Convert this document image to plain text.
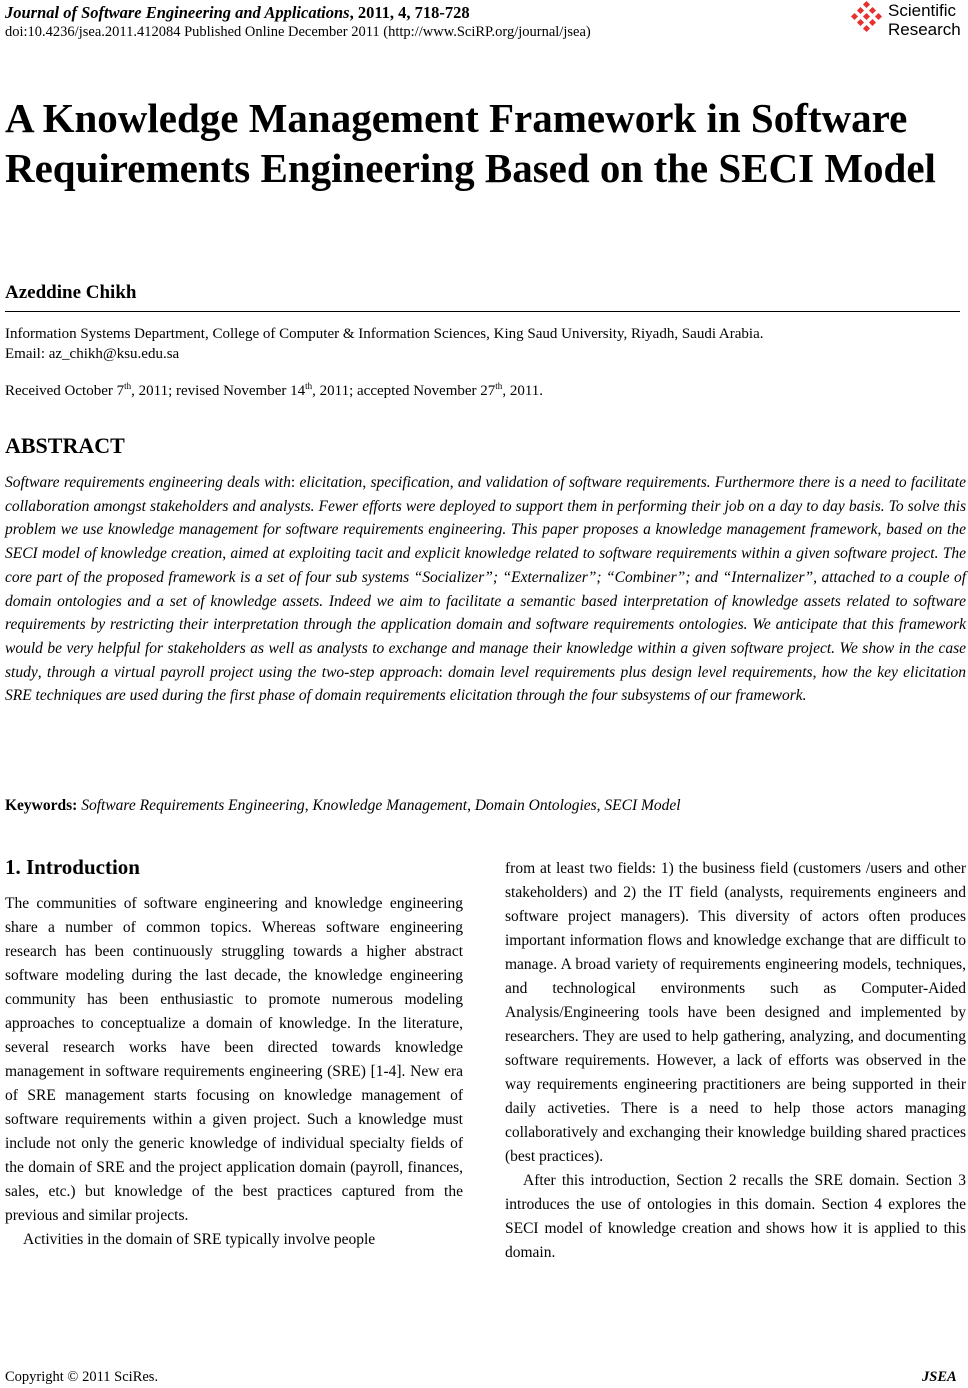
Journal of Software Engineering and Applications, 2011, 4, 718-728
doi:10.4236/jsea.2011.412084 Published Online December 2011 (http://www.SciRP.org/journal/jsea)
Scientific
Research
A Knowledge Management Framework in Software Requirements Engineering Based on the SECI Model
Azeddine Chikh
Information Systems Department, College of Computer & Information Sciences, King Saud University, Riyadh, Saudi Arabia.
Email: az_chikh@ksu.edu.sa
Received October 7th, 2011; revised November 14th, 2011; accepted November 27th, 2011.
ABSTRACT
Software requirements engineering deals with: elicitation, specification, and validation of software requirements. Furthermore there is a need to facilitate collaboration amongst stakeholders and analysts. Fewer efforts were deployed to support them in performing their job on a day to day basis. To solve this problem we use knowledge management for software requirements engineering. This paper proposes a knowledge management framework, based on the SECI model of knowledge creation, aimed at exploiting tacit and explicit knowledge related to software requirements within a given software project. The core part of the proposed framework is a set of four sub systems “Socializer”; “Externalizer”; “Combiner”; and “Internalizer”, attached to a couple of domain ontologies and a set of knowledge assets. Indeed we aim to facilitate a semantic based interpretation of knowledge assets related to software requirements by restricting their interpretation through the application domain and software requirements ontologies. We anticipate that this framework would be very helpful for stakeholders as well as analysts to exchange and manage their knowledge within a given software project. We show in the case study, through a virtual payroll project using the two-step approach: domain level requirements plus design level requirements, how the key elicitation SRE techniques are used during the first phase of domain requirements elicitation through the four subsystems of our framework.
Keywords: Software Requirements Engineering, Knowledge Management, Domain Ontologies, SECI Model
1. Introduction

The communities of software engineering and knowledge engineering share a number of common topics. Whereas software engineering research has been continuously struggling towards a higher abstract software modeling during the last decade, the knowledge engineering community has been enthusiastic to promote numerous modeling approaches to conceptualize a domain of knowledge. In the literature, several research works have been directed towards knowledge management in software requirements engineering (SRE) [1-4]. New era of SRE management starts focusing on knowledge management of software requirements within a given project. Such a knowledge must include not only the generic knowledge of individual specialty fields of the domain of SRE and the project application domain (payroll, finances, sales, etc.) but knowledge of the best practices captured from the previous and similar projects.

Activities in the domain of SRE typically involve people

from at least two fields: 1) the business field (customers /users and other stakeholders) and 2) the IT field (analysts, requirements engineers and software project managers). This diversity of actors often produces important information flows and knowledge exchange that are difficult to manage. A broad variety of requirements engineering models, techniques, and technological environments such as Computer-Aided Analysis/Engineering tools have been designed and implemented by researchers. They are used to help gathering, analyzing, and documenting software requirements. However, a lack of efforts was observed in the way requirements engineering practitioners are being supported in their daily activeties. There is a need to help those actors managing collaboratively and exchanging their knowledge building shared practices (best practices).

After this introduction, Section 2 recalls the SRE domain. Section 3 introduces the use of ontologies in this domain. Section 4 explores the SECI model of knowledge creation and shows how it is applied to this domain.

Copyright © 2011 SciRes.	JSEA
